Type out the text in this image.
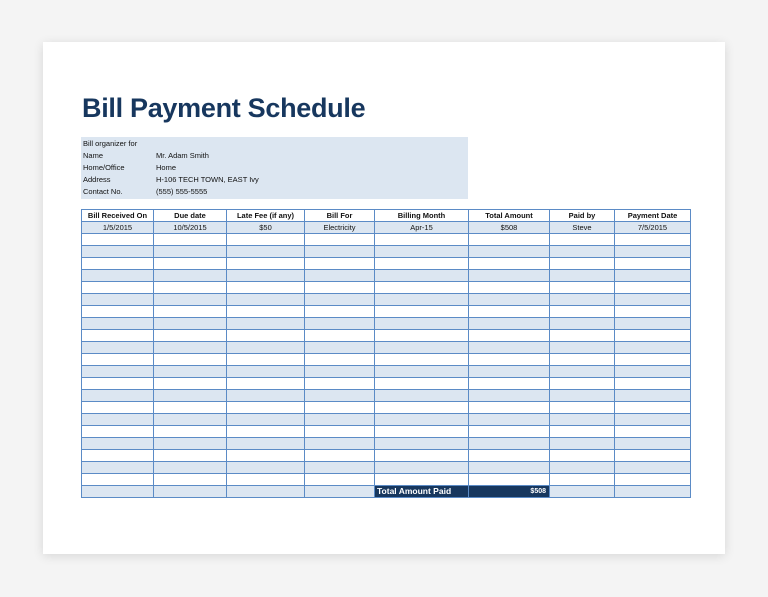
Bill Payment Schedule
Bill organizer for
Name	Mr. Adam Smith
Home/Office	Home
Address	H-106 TECH TOWN, EAST Ivy
Contact No.	(555) 555-5555
Bill Received On	Due date	Late Fee (if any)	Bill For	Billing Month	Total Amount	Paid by	Payment Date
1/5/2015	10/5/2015	$50	Electricity	Apr-15	$508	Steve	7/5/2015

				Total Amount Paid	$508		
